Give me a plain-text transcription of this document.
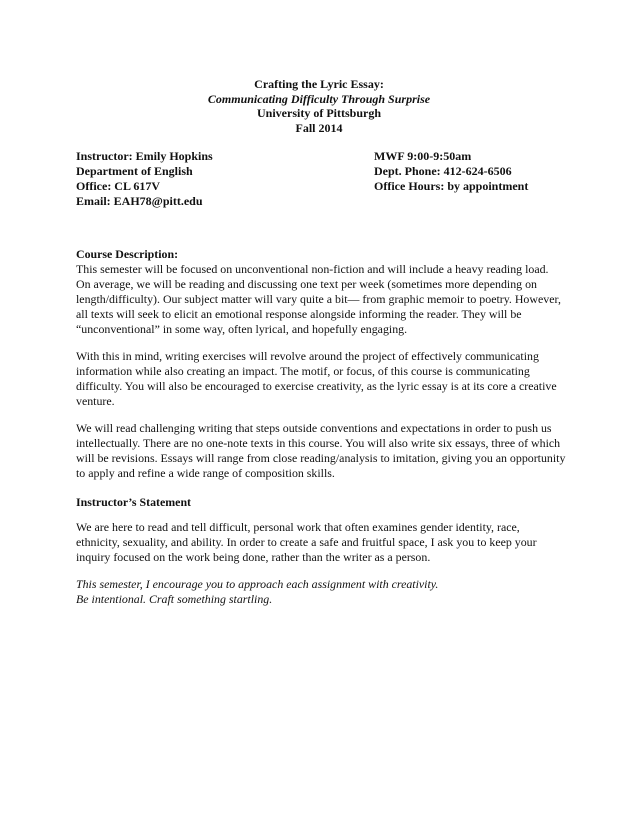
Crafting the Lyric Essay:
Communicating Difficulty Through Surprise
University of Pittsburgh
Fall 2014
Instructor: Emily Hopkins	MWF 9:00-9:50am
Department of English	Dept. Phone: 412-624-6506
Office: CL 617V	Office Hours: by appointment
Email: EAH78@pitt.edu

Course Description:

This semester will be focused on unconventional non-fiction and will include a heavy reading load. On average, we will be reading and discussing one text per week (sometimes more depending on length/difficulty). Our subject matter will vary quite a bit— from graphic memoir to poetry. However, all texts will seek to elicit an emotional response alongside informing the reader. They will be “unconventional” in some way, often lyrical, and hopefully engaging.

With this in mind, writing exercises will revolve around the project of effectively communicating information while also creating an impact. The motif, or focus, of this course is communicating difficulty. You will also be encouraged to exercise creativity, as the lyric essay is at its core a creative venture.

We will read challenging writing that steps outside conventions and expectations in order to push us intellectually. There are no one-note texts in this course. You will also write six essays, three of which will be revisions. Essays will range from close reading/analysis to imitation, giving you an opportunity to apply and refine a wide range of composition skills.

Instructor’s Statement

We are here to read and tell difficult, personal work that often examines gender identity, race, ethnicity, sexuality, and ability. In order to create a safe and fruitful space, I ask you to keep your inquiry focused on the work being done, rather than the writer as a person.

This semester, I encourage you to approach each assignment with creativity.
Be intentional. Craft something startling.
